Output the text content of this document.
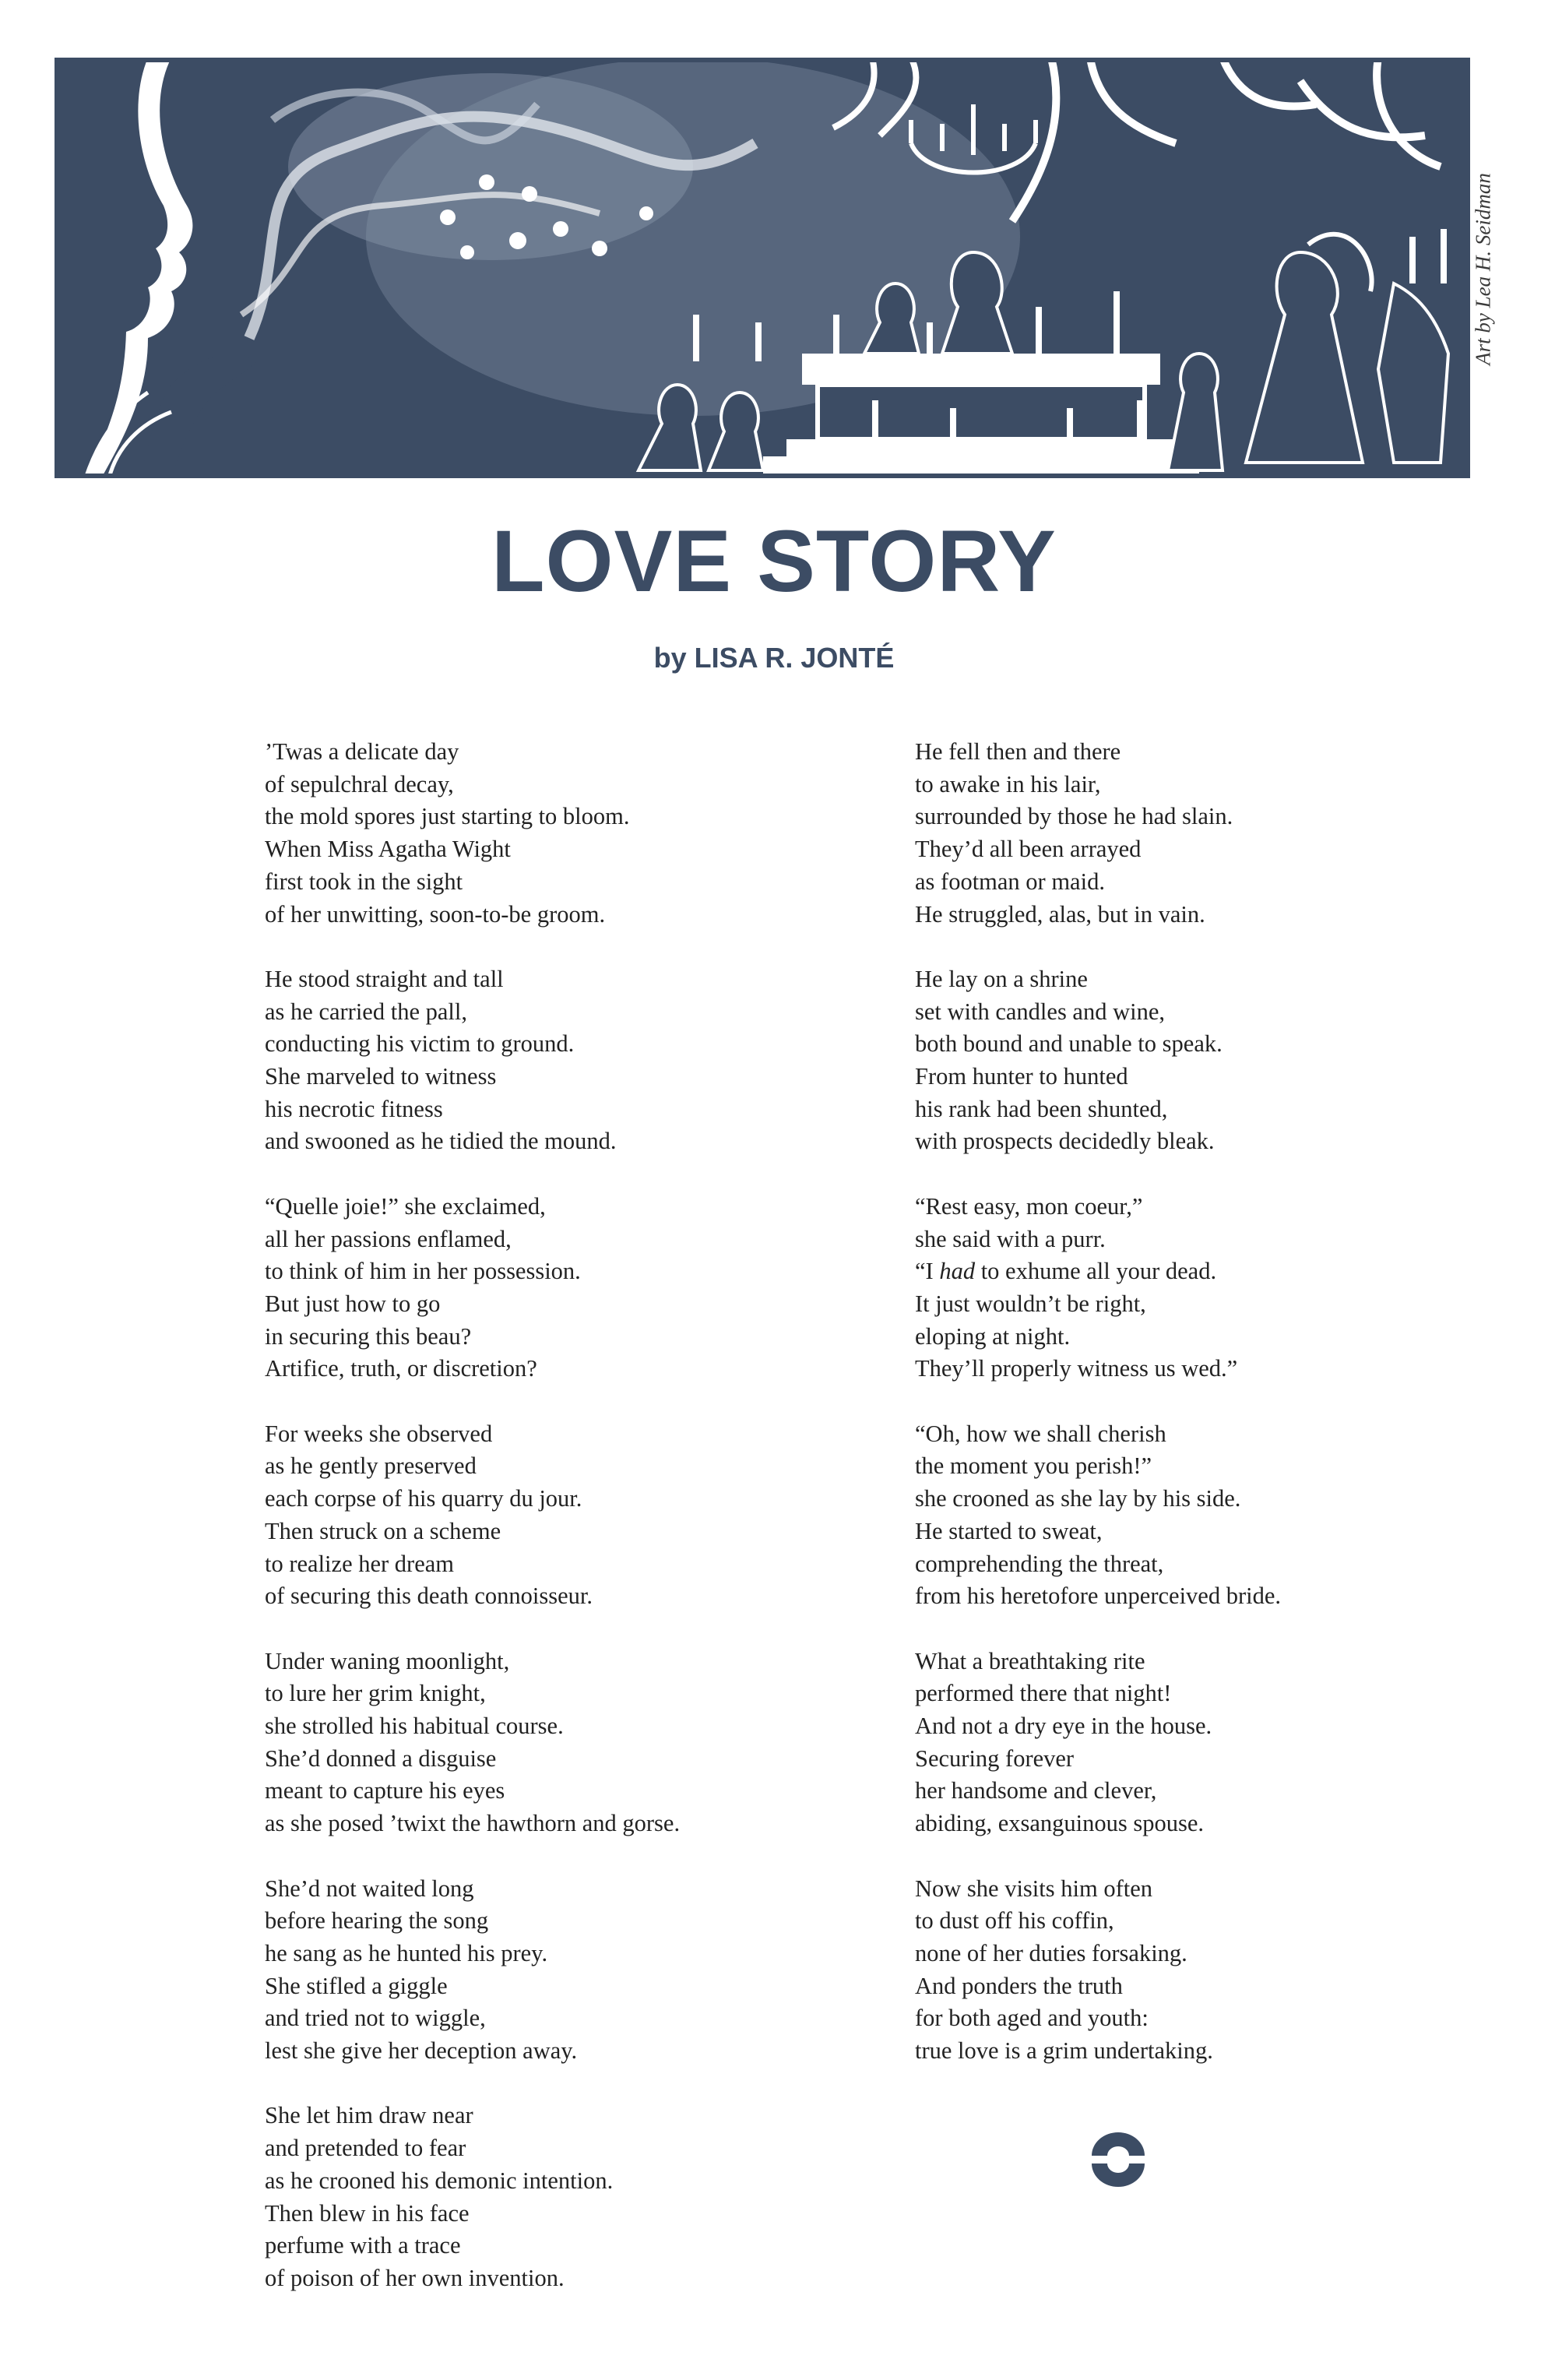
Art by Lea H. Seidman
LOVE STORY
by LISA R. JONTÉ
’Twas a delicate day
of sepulchral decay,
the mold spores just starting to bloom.
When Miss Agatha Wight
first took in the sight
of her unwitting, soon-to-be groom.
He stood straight and tall
as he carried the pall,
conducting his victim to ground.
She marveled to witness
his necrotic fitness
and swooned as he tidied the mound.
“Quelle joie!” she exclaimed,
all her passions enflamed,
to think of him in her possession.
But just how to go
in securing this beau?
Artifice, truth, or discretion?
For weeks she observed
as he gently preserved
each corpse of his quarry du jour.
Then struck on a scheme
to realize her dream
of securing this death connoisseur.
Under waning moonlight,
to lure her grim knight,
she strolled his habitual course.
She’d donned a disguise
meant to capture his eyes
as she posed ’twixt the hawthorn and gorse.
She’d not waited long
before hearing the song
he sang as he hunted his prey.
She stifled a giggle
and tried not to wiggle,
lest she give her deception away.
She let him draw near
and pretended to fear
as he crooned his demonic intention.
Then blew in his face
perfume with a trace
of poison of her own invention.
He fell then and there
to awake in his lair,
surrounded by those he had slain.
They’d all been arrayed
as footman or maid.
He struggled, alas, but in vain.
He lay on a shrine
set with candles and wine,
both bound and unable to speak.
From hunter to hunted
his rank had been shunted,
with prospects decidedly bleak.
“Rest easy, mon coeur,”
she said with a purr.
“I had to exhume all your dead.
It just wouldn’t be right,
eloping at night.
They’ll properly witness us wed.”
“Oh, how we shall cherish
the moment you perish!”
she crooned as she lay by his side.
He started to sweat,
comprehending the threat,
from his heretofore unperceived bride.
What a breathtaking rite
performed there that night!
And not a dry eye in the house.
Securing forever
her handsome and clever,
abiding, exsanguinous spouse.
Now she visits him often
to dust off his coffin,
none of her duties forsaking.
And ponders the truth
for both aged and youth:
true love is a grim undertaking.
